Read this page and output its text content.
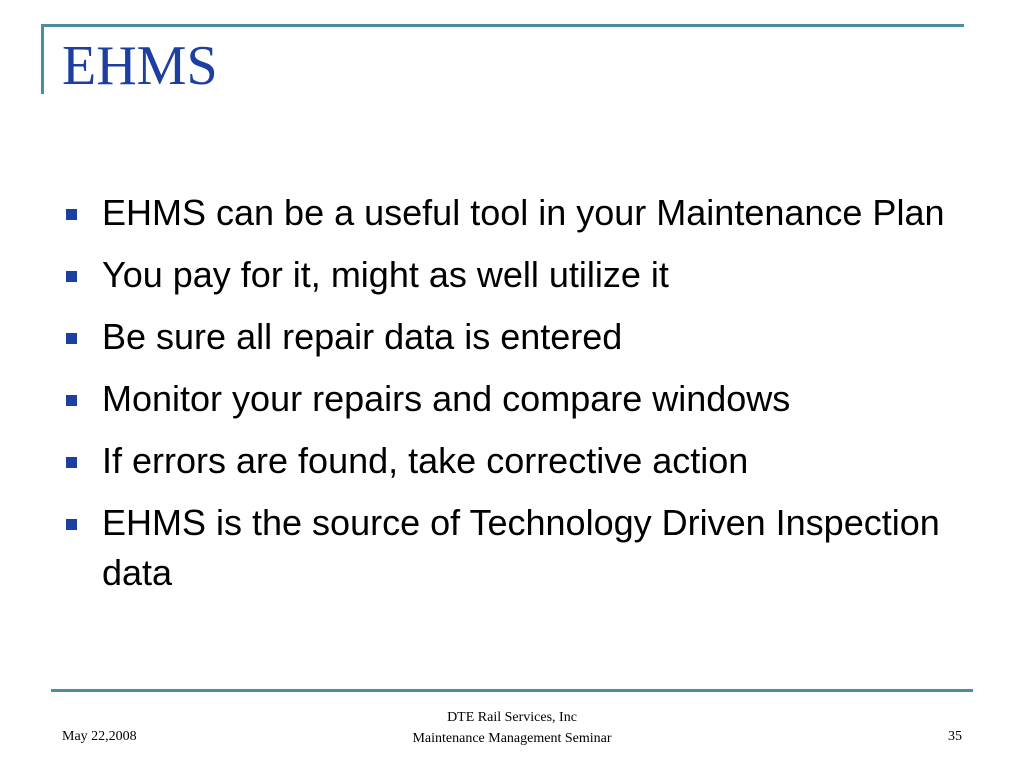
EHMS
EHMS can be a useful tool in your Maintenance Plan
You pay for it, might as well utilize it
Be sure all repair data is entered
Monitor your repairs and compare windows
If errors are found, take corrective action
EHMS is the source of Technology Driven Inspection data
May 22,2008
DTE Rail Services, Inc
Maintenance Management Seminar	35
